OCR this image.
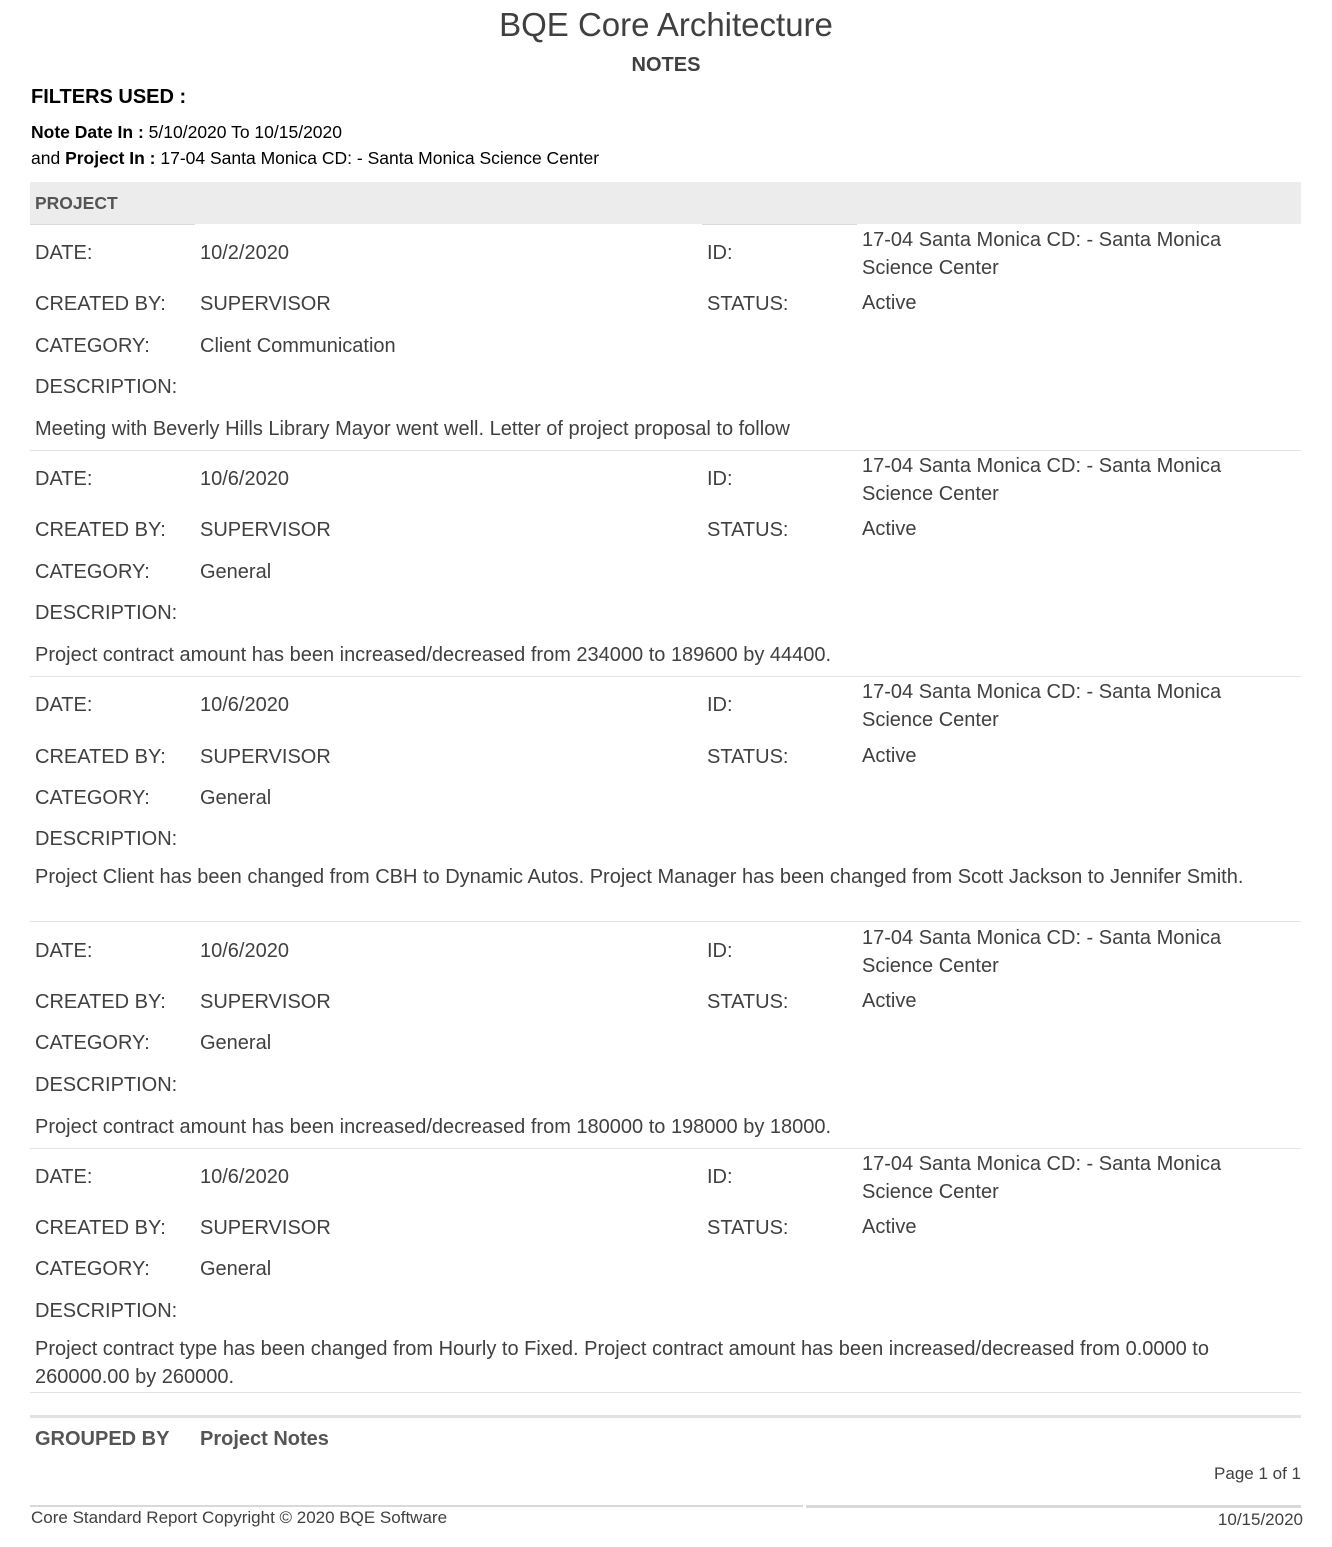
BQE Core Architecture
NOTES
FILTERS USED :
Note Date In : 5/10/2020 To 10/15/2020
and Project In : 17-04 Santa Monica CD: - Santa Monica Science Center
PROJECT
DATE:	10/2/2020	ID:
17-04 Santa Monica CD: - Santa Monica Science Center
CREATED BY: SUPERVISOR	STATUS:	Active
CATEGORY:	Client Communication
DESCRIPTION:
Meeting with Beverly Hills Library Mayor went well. Letter of project proposal to follow
DATE:	10/6/2020	ID:
17-04 Santa Monica CD: - Santa Monica Science Center
CREATED BY: SUPERVISOR	STATUS:	Active
CATEGORY:	General
DESCRIPTION:
Project contract amount has been increased/decreased from 234000 to 189600 by 44400.
DATE:	10/6/2020	ID:
17-04 Santa Monica CD: - Santa Monica Science Center
CREATED BY: SUPERVISOR	STATUS:	Active
CATEGORY:	General
DESCRIPTION:
Project Client has been changed from CBH to Dynamic Autos. Project Manager has been changed from Scott Jackson to Jennifer Smith.
DATE:	10/6/2020	ID:
17-04 Santa Monica CD: - Santa Monica Science Center
CREATED BY: SUPERVISOR	STATUS:	Active
CATEGORY:	General
DESCRIPTION:
Project contract amount has been increased/decreased from 180000 to 198000 by 18000.
DATE:	10/6/2020	ID:
17-04 Santa Monica CD: - Santa Monica Science Center
CREATED BY: SUPERVISOR	STATUS:	Active
CATEGORY:	General
DESCRIPTION:
Project contract type has been changed from Hourly to Fixed. Project contract amount has been increased/decreased from 0.0000 to 260000.00 by 260000.
GROUPED BY Project Notes
Page 1 of 1
Core Standard Report Copyright © 2020 BQE Software	10/15/2020
